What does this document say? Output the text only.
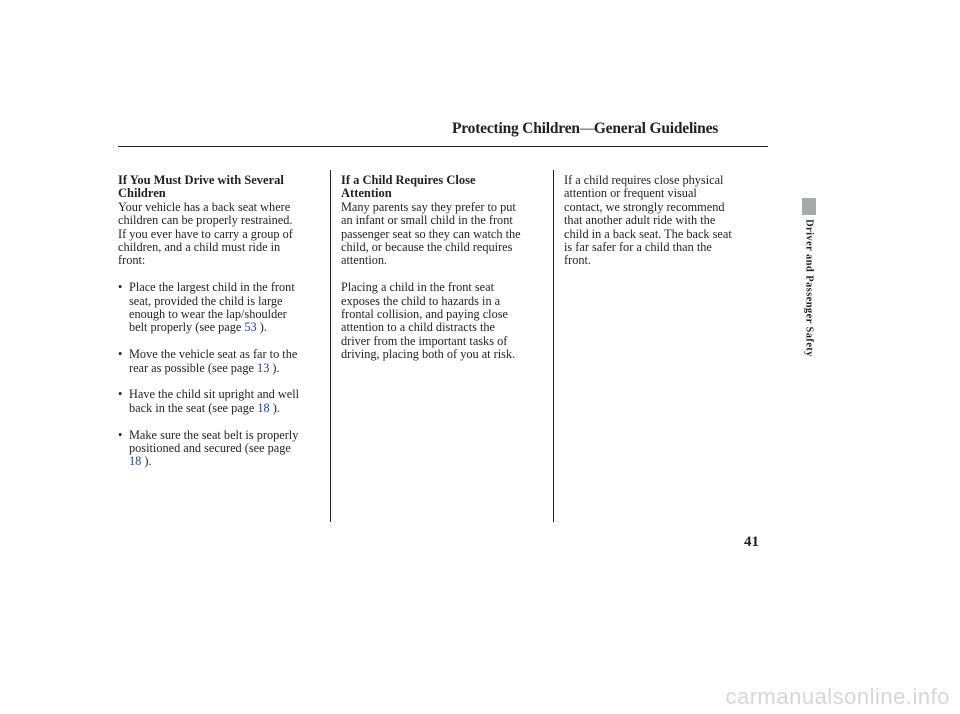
Protecting Children—General Guidelines

If You Must Drive with Several
Children

Your vehicle has a back seat where
children can be properly restrained.
If you ever have to carry a group of
children, and a child must ride in
front:

• Place the largest child in the front
seat, provided the child is large
enough to wear the lap/shoulder
belt properly (see page 53 ).

• Move the vehicle seat as far to the
rear as possible (see page 13 ).

• Have the child sit upright and well
back in the seat (see page 18 ).

• Make sure the seat belt is properly
positioned and secured (see page
18 ).

If a Child Requires Close
Attention

Many parents say they prefer to put
an infant or small child in the front
passenger seat so they can watch the
child, or because the child requires
attention.

Placing a child in the front seat
exposes the child to hazards in a
frontal collision, and paying close
attention to a child distracts the
driver from the important tasks of
driving, placing both of you at risk.

If a child requires close physical
attention or frequent visual
contact, we strongly recommend
that another adult ride with the
child in a back seat. The back seat
is far safer for a child than the
front.	Driver and Passenger Safety
41
carmanualsonline.info
